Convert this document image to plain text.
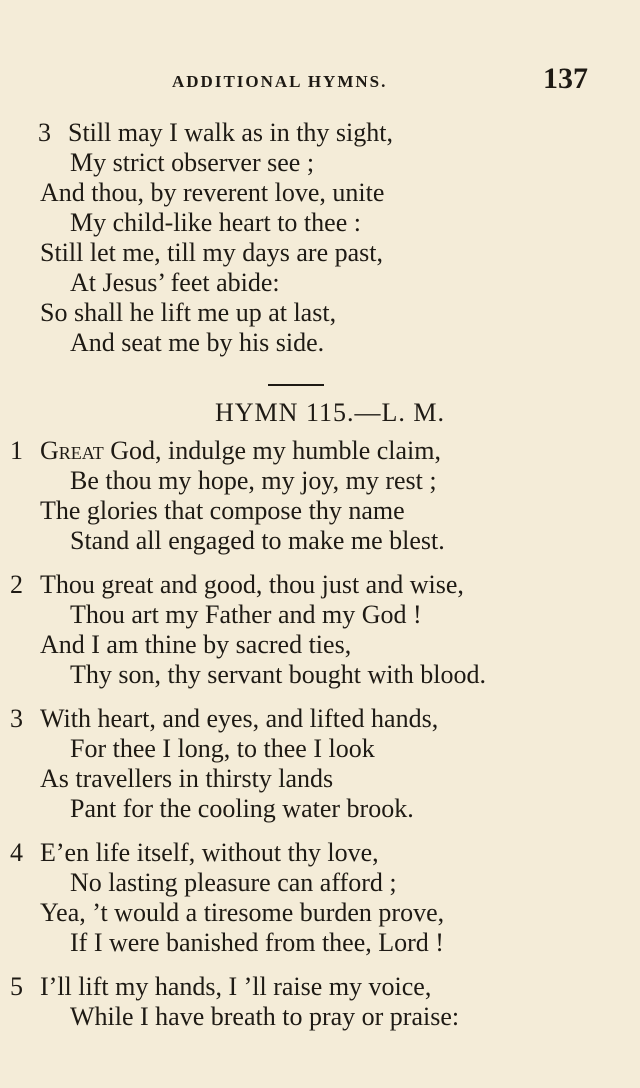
ADDITIONAL HYMNS.	137
3 Still may I walk as in thy sight,
My strict observer see ;
And thou, by reverent love, unite
My child-like heart to thee :
Still let me, till my days are past,
At Jesus’ feet abide:
So shall he lift me up at last,
And seat me by his side.
HYMN 115.—L. M.
1 Great God, indulge my humble claim,
Be thou my hope, my joy, my rest ;
The glories that compose thy name
Stand all engaged to make me blest.
2 Thou great and good, thou just and wise,
Thou art my Father and my God !
And I am thine by sacred ties,
Thy son, thy servant bought with blood.
3 With heart, and eyes, and lifted hands,
For thee I long, to thee I look
As travellers in thirsty lands
Pant for the cooling water brook.
4 E’en life itself, without thy love,
No lasting pleasure can afford ;
Yea, ’t would a tiresome burden prove,
If I were banished from thee, Lord !
5 I’ll lift my hands, I ’ll raise my voice,
While I have breath to pray or praise:
